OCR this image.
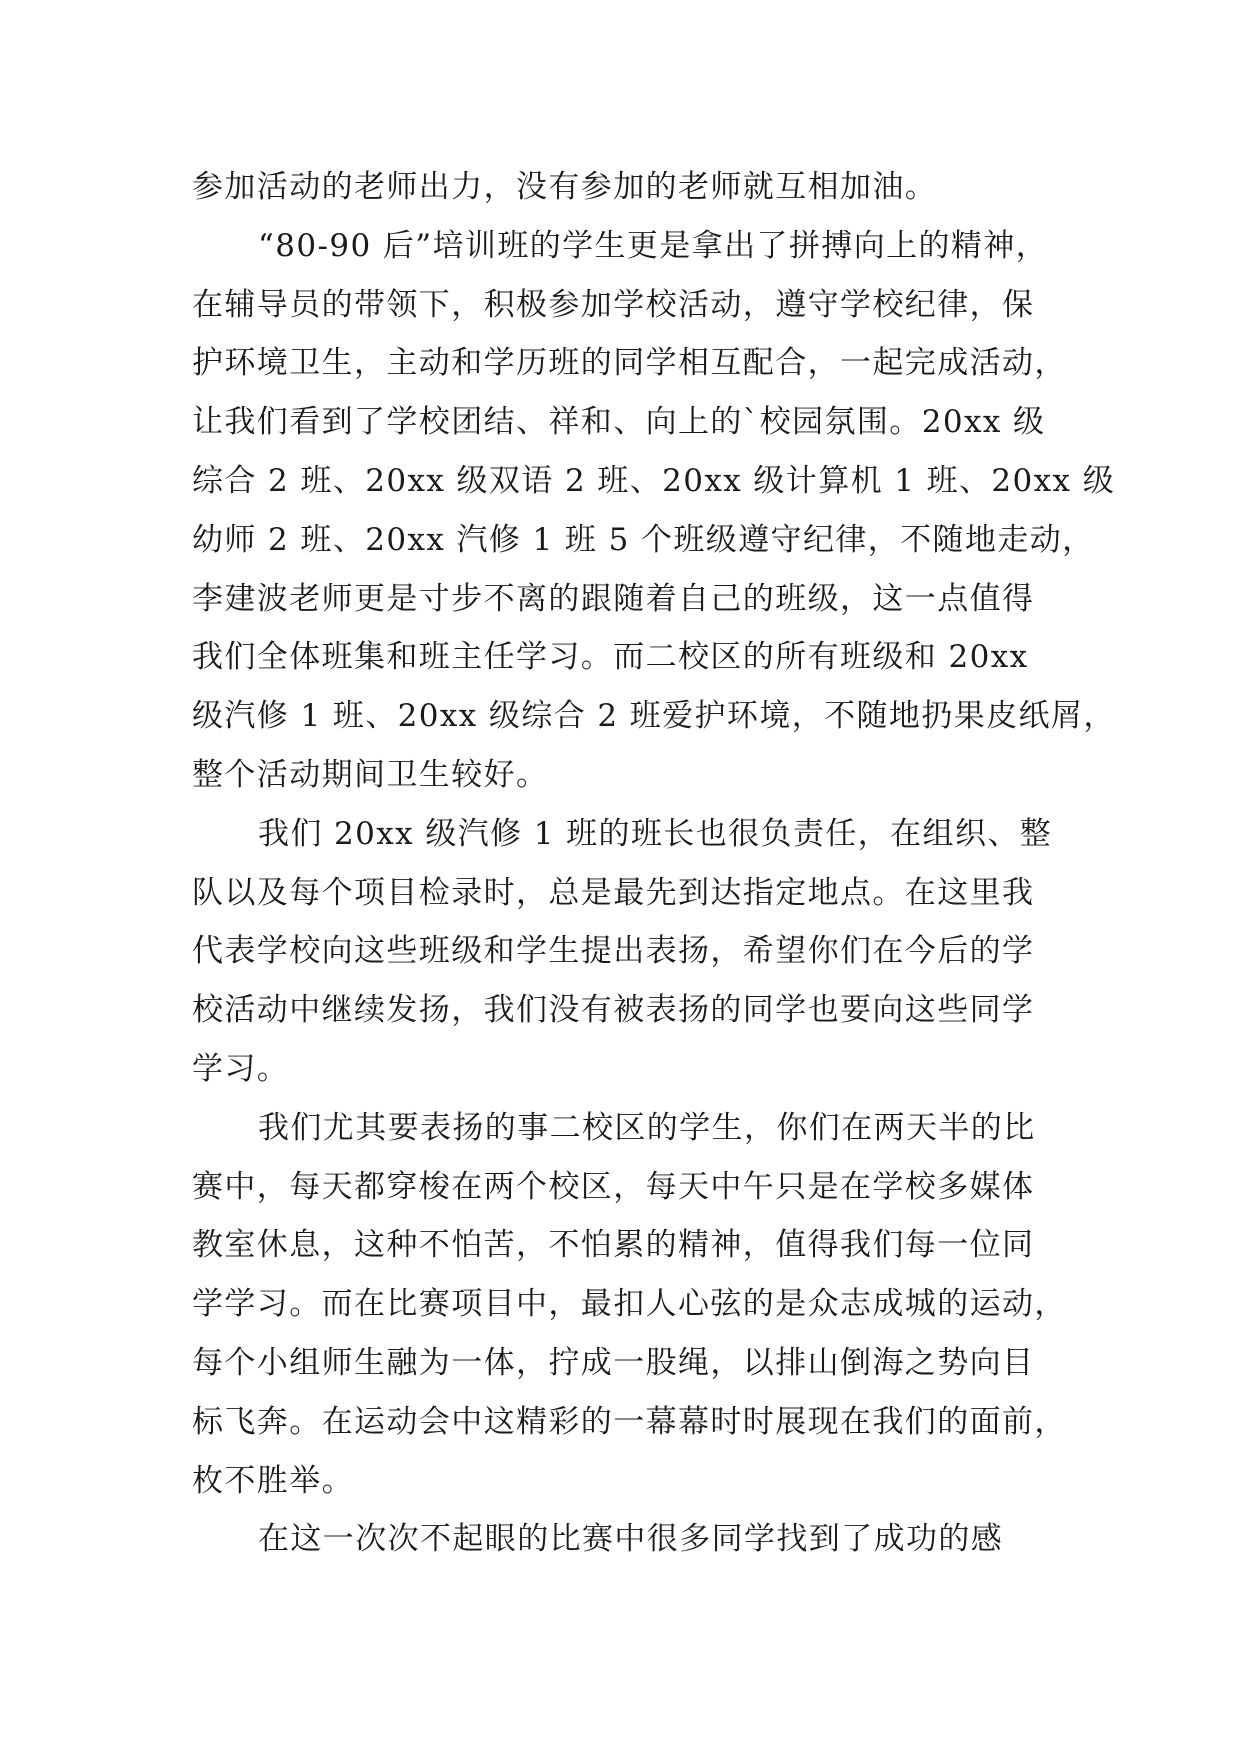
参加活动的老师出力，没有参加的老师就互相加油。
“80-90 后”培训班的学生更是拿出了拼搏向上的精神，
在辅导员的带领下，积极参加学校活动，遵守学校纪律，保
护环境卫生，主动和学历班的同学相互配合，一起完成活动，
让我们看到了学校团结、祥和、向上的`校园氛围。20xx 级
综合 2 班、20xx 级双语 2 班、20xx 级计算机 1 班、20xx 级
幼师 2 班、20xx 汽修 1 班 5 个班级遵守纪律，不随地走动，
李建波老师更是寸步不离的跟随着自己的班级，这一点值得
我们全体班集和班主任学习。而二校区的所有班级和 20xx
级汽修 1 班、20xx 级综合 2 班爱护环境，不随地扔果皮纸屑，
整个活动期间卫生较好。
我们 20xx 级汽修 1 班的班长也很负责任，在组织、整
队以及每个项目检录时，总是最先到达指定地点。在这里我
代表学校向这些班级和学生提出表扬，希望你们在今后的学
校活动中继续发扬，我们没有被表扬的同学也要向这些同学
学习。
我们尤其要表扬的事二校区的学生，你们在两天半的比
赛中，每天都穿梭在两个校区，每天中午只是在学校多媒体
教室休息，这种不怕苦，不怕累的精神，值得我们每一位同
学学习。而在比赛项目中，最扣人心弦的是众志成城的运动，
每个小组师生融为一体，拧成一股绳，以排山倒海之势向目
标飞奔。在运动会中这精彩的一幕幕时时展现在我们的面前，
枚不胜举。
在这一次次不起眼的比赛中很多同学找到了成功的感
